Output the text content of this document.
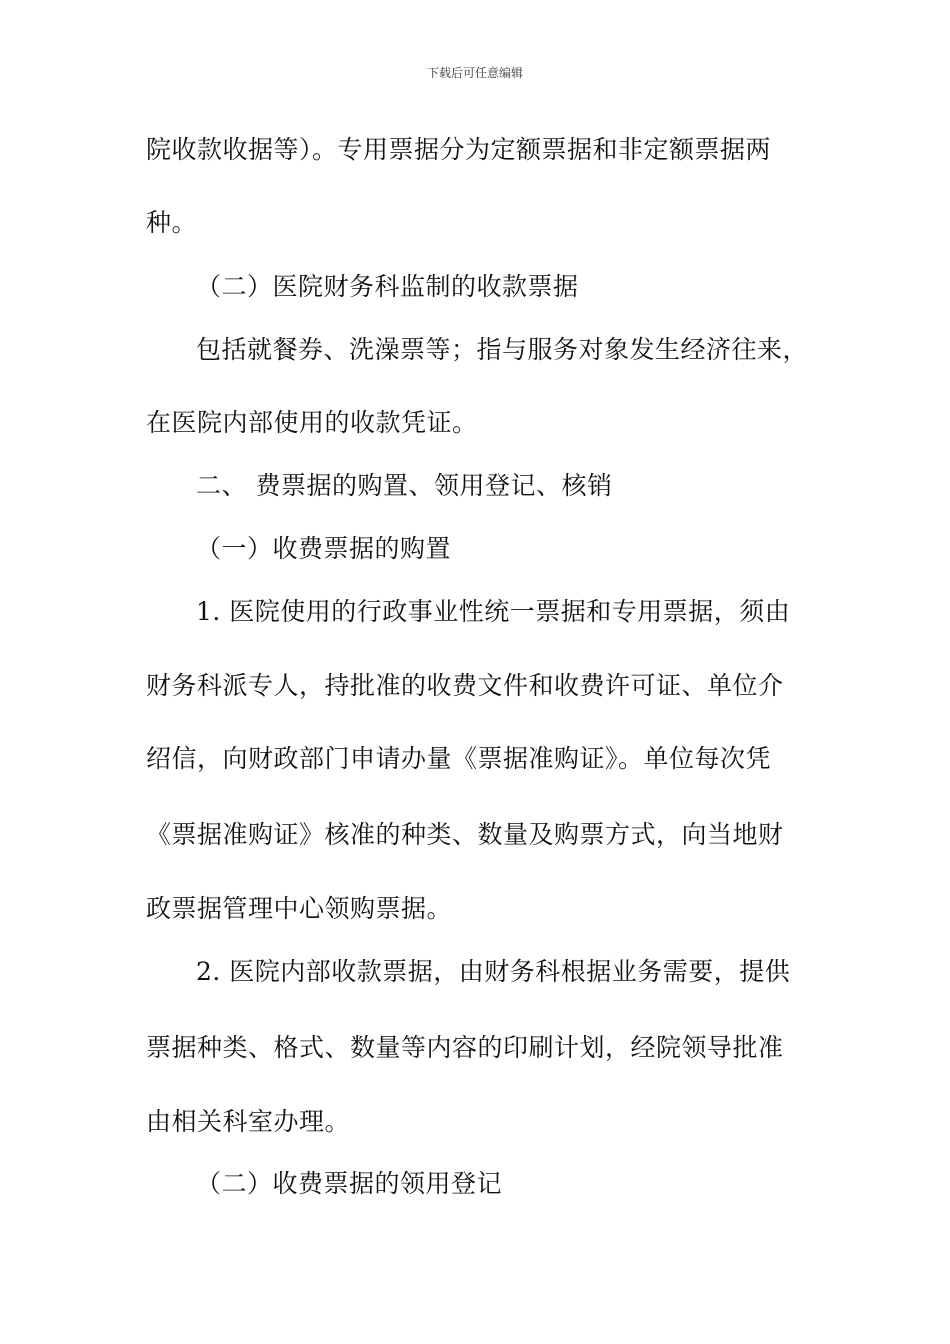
下载后可任意编辑
院收款收据等）。专用票据分为定额票据和非定额票据两
种。
（二）医院财务科监制的收款票据
包括就餐券、洗澡票等；指与服务对象发生经济往来，
在医院内部使用的收款凭证。
二、 费票据的购置、领用登记、核销
（一）收费票据的购置
1. 医院使用的行政事业性统一票据和专用票据，须由
财务科派专人，持批准的收费文件和收费许可证、单位介
绍信，向财政部门申请办量《票据准购证》。单位每次凭
《票据准购证》核准的种类、数量及购票方式，向当地财
政票据管理中心领购票据。
2. 医院内部收款票据，由财务科根据业务需要，提供
票据种类、格式、数量等内容的印刷计划，经院领导批准
由相关科室办理。
（二）收费票据的领用登记
